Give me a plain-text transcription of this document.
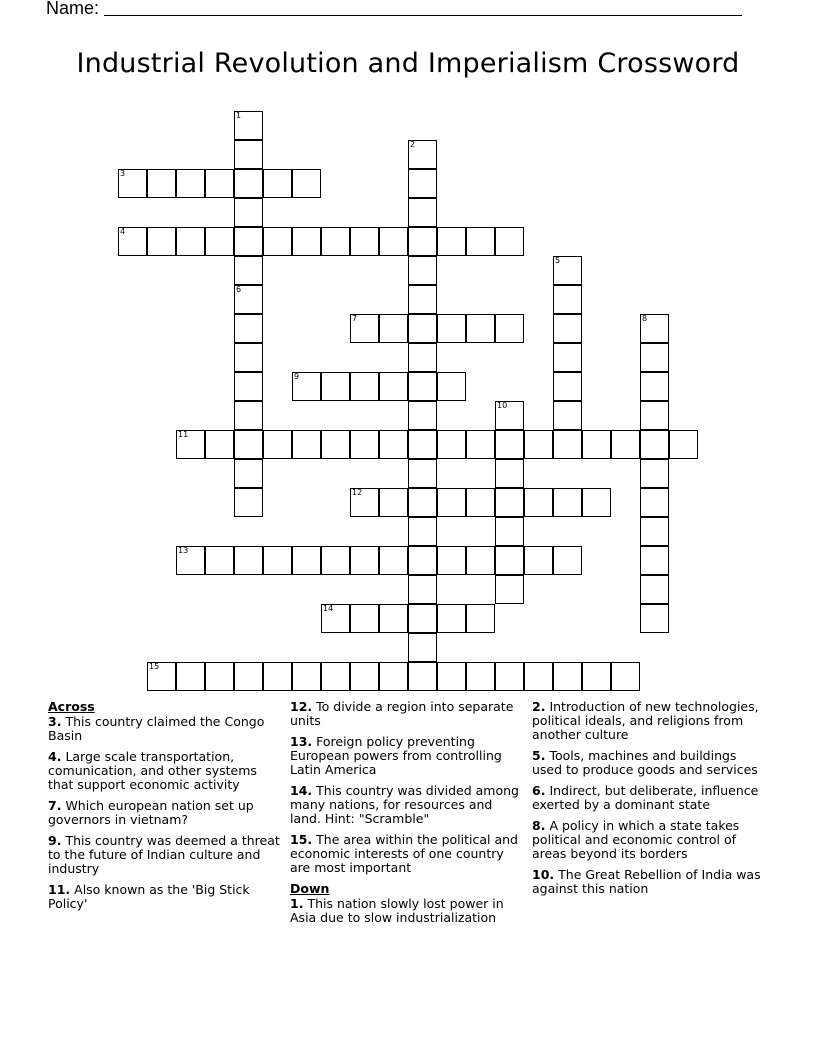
Name:
Industrial Revolution and Imperialism Crossword
1
6
2
3
4
5
7	8
9
10
11
12
13
14
15
Across
3. This country claimed the Congo Basin
4. Large scale transportation, comunication, and other systems that support economic activity
7. Which european nation set up governors in vietnam?
9. This country was deemed a threat to the future of Indian culture and industry
11. Also known as the 'Big Stick Policy'
12. To divide a region into separate units
13. Foreign policy preventing European powers from controlling Latin America
14. This country was divided among many nations, for resources and land. Hint: "Scramble"
15. The area within the political and economic interests of one country are most important
Down
1. This nation slowly lost power in Asia due to slow industrialization
2. Introduction of new technologies, political ideals, and religions from another culture
5. Tools, machines and buildings used to produce goods and services
6. Indirect, but deliberate, influence exerted by a dominant state
8. A policy in which a state takes political and economic control of areas beyond its borders
10. The Great Rebellion of India was against this nation
